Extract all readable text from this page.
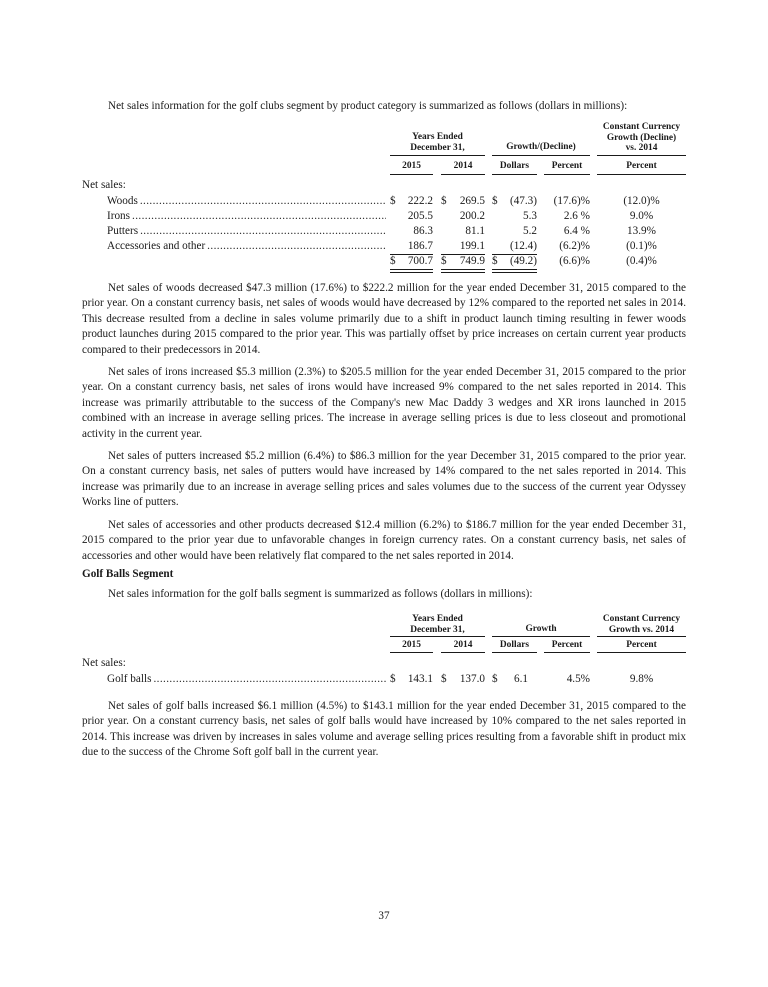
Net sales information for the golf clubs segment by product category is summarized as follows (dollars in millions):

Years Ended
December 31,	Growth/(Decline)
Constant Currency
Growth (Decline)
vs. 2014
2015	2014	Dollars	Percent	Percent
Net sales:
Woods .....	$ 222.2 $ 269.5 $ (47.3)	(17.6)%	(12.0)%
Irons .....	205.5	200.2	5.3	2.6 %	9.0%
Putters .....	86.3	81.1	5.2	6.4 %	13.9%
Accessories and other .....	186.7	199.1	(12.4)	(6.2)%	(0.1)%
$ 700.7 $ 749.9 $ (49.2)	(6.6)%	(0.4)%

Net sales of woods decreased $47.3 million (17.6%) to $222.2 million for the year ended December 31, 2015 compared to the prior year. On a constant currency basis, net sales of woods would have decreased by 12% compared to the reported net sales in 2014. This decrease resulted from a decline in sales volume primarily due to a shift in product launch timing resulting in fewer woods product launches during 2015 compared to the prior year. This was partially offset by price increases on certain current year products compared to their predecessors in 2014.

Net sales of irons increased $5.3 million (2.3%) to $205.5 million for the year ended December 31, 2015 compared to the prior year. On a constant currency basis, net sales of irons would have increased 9% compared to the net sales reported in 2014. This increase was primarily attributable to the success of the Company's new Mac Daddy 3 wedges and XR irons launched in 2015 combined with an increase in average selling prices. The increase in average selling prices is due to less closeout and promotional activity in the current year.

Net sales of putters increased $5.2 million (6.4%) to $86.3 million for the year December 31, 2015 compared to the prior year. On a constant currency basis, net sales of putters would have increased by 14% compared to the net sales reported in 2014. This increase was primarily due to an increase in average selling prices and sales volumes due to the success of the current year Odyssey Works line of putters.

Net sales of accessories and other products decreased $12.4 million (6.2%) to $186.7 million for the year ended December 31, 2015 compared to the prior year due to unfavorable changes in foreign currency rates. On a constant currency basis, net sales of accessories and other would have been relatively flat compared to the net sales reported in 2014.

Golf Balls Segment

Net sales information for the golf balls segment is summarized as follows (dollars in millions):

Years Ended
December 31,	Growth
Constant Currency
Growth vs. 2014
2015	2014	Dollars	Percent	Percent
Net sales:
Golf balls .....	$ 143.1 $ 137.0 $ 6.1	4.5%	9.8%

Net sales of golf balls increased $6.1 million (4.5%) to $143.1 million for the year ended December 31, 2015 compared to the prior year. On a constant currency basis, net sales of golf balls would have increased by 10% compared to the net sales reported in 2014. This increase was driven by increases in sales volume and average selling prices resulting from a favorable shift in product mix due to the success of the Chrome Soft golf ball in the current year.

37
